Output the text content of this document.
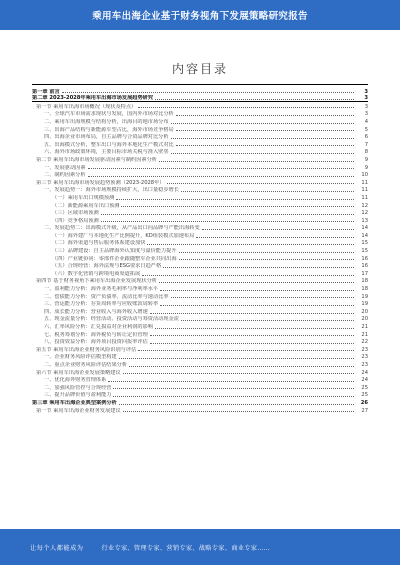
乘用车出海企业基于财务视角下发展策略研究报告
内容目录
第一章 前言	3
第二章 2023-2028年乘用车出海市场发展趋势研究	3
第一节 乘用车出海市场概况（现状及特点）	3
一、全球汽车市场需求现状与发展，国内外市场对比分析	3
二、乘用车出海规模与结构分析，出海目的地市场分布	4
三、出海产品结构与新能源车型占比，海外市场竞争格局	5
四、出海企业市场布局，自主品牌与合资品牌对比分析	6
五、出海模式分析，整车出口与海外本地化生产模式对比	7
六、海外市场政策环境，主要目标市场关税与准入壁垒	8
第二节 乘用车出海市场发展驱动因素与制约因素分析	9
一、发展驱动因素	9
二、制约因素分析	10
第三节 乘用车出海市场发展趋势预测（2023-2028年）	11
一、发展趋势一：海外市场规模持续扩大，出口量稳步增长	11
（一）乘用车出口规模预测	11
（二）新能源乘用车出口预测	12
（三）区域市场预测	12
（四）竞争格局预测	13
二、发展趋势二：出海模式升级，从产品出口向品牌与产能出海转变	14
（一）海外建厂与本地化生产比例提升，KD组装模式加速布局	14
（二）海外渠道与售后服务体系建设加快	15
（三）品牌建设：自主品牌海外认知度与溢价能力提升	15
（四）产业链协同：零部件企业跟随整车企业共同出海	16
（五）合规经营：海外法规与ESG要求日趋严格	16
（六）数字化营销与跨境电商渠道拓展	17
第四节 基于财务视角下乘用车出海企业发展现状分析	18
一、盈利能力分析：海外业务毛利率与净利率水平	18
二、偿债能力分析：资产负债率、流动比率与速动比率	19
三、营运能力分析：存货周转率与应收账款周转率	19
四、成长能力分析：营业收入与海外收入增速	20
五、现金流量分析：经营活动、投资活动与筹资活动现金流	20
六、汇率风险分析：汇兑损益对企业利润的影响	21
七、税务筹划分析：海外税负与转让定价管理	21
八、投资效益分析：海外项目投资回报率评估	22
第五节 乘用车出海企业财务风险识别与评估	23
一、企业财务风险评估模型构建	23
二、重点企业财务风险评估结果分析	23
第六节 乘用车出海企业发展策略建议	24
一、优化海外财务管理体系	24
二、加强风险管控与合规经营	25
三、提升品牌价值与盈利能力	25
第三章 乘用车出海企业典型案例分析	26
第一节 乘用车出海企业财务发展建议	27
让每个人都能成为	行业专家、管理专家、营销专家、战略专家、商业专家……
